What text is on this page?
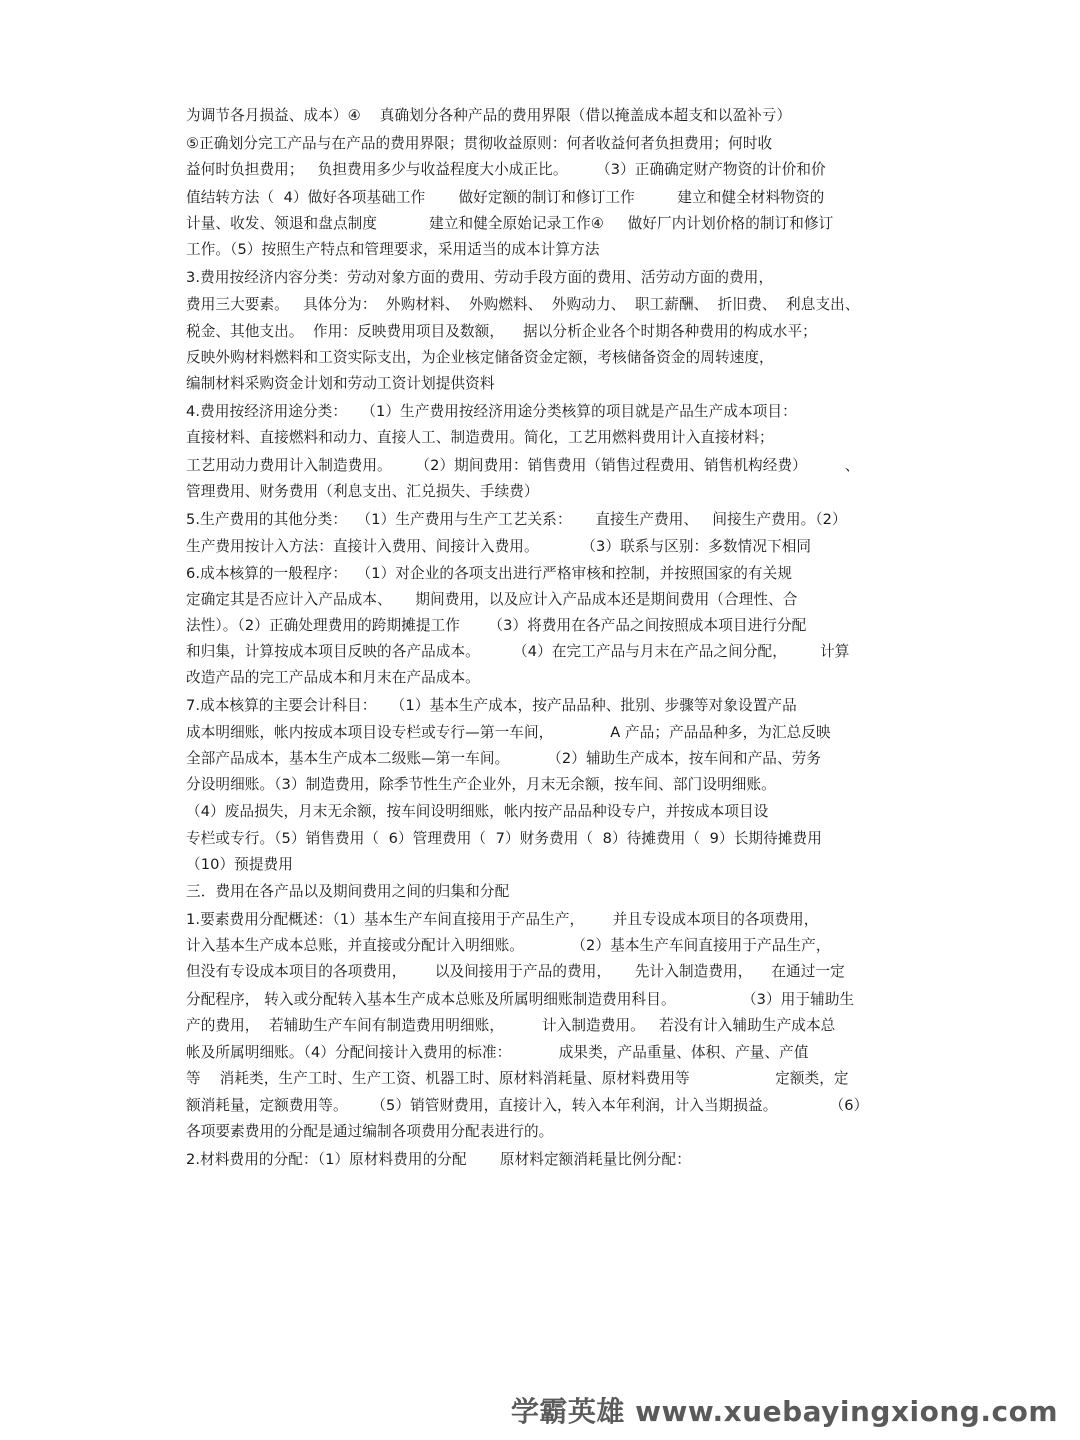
为调节各月损益、成本）④    真确划分各种产品的费用界限（借以掩盖成本超支和以盈补亏）
⑤正确划分完工产品与在产品的费用界限；贯彻收益原则：何者收益何者负担费用；何时收
益何时负担费用；   负担费用多少与收益程度大小成正比。      （3）正确确定财产物资的计价和价
值结转方法（  4）做好各项基础工作       做好定额的制订和修订工作         建立和健全材料物资的
计量、收发、领退和盘点制度           建立和健全原始记录工作④     做好厂内计划价格的制订和修订
工作。（5）按照生产特点和管理要求，采用适当的成本计算方法
3.费用按经济内容分类：劳动对象方面的费用、劳动手段方面的费用、活劳动方面的费用，
费用三大要素。   具体分为：  外购材料、  外购燃料、  外购动力、  职工薪酬、  折旧费、  利息支出、
税金、其他支出。  作用：反映费用项目及数额，    据以分析企业各个时期各种费用的构成水平；
反映外购材料燃料和工资实际支出，为企业核定储备资金定额，考核储备资金的周转速度，
编制材料采购资金计划和劳动工资计划提供资料
4.费用按经济用途分类：   （1）生产费用按经济用途分类核算的项目就是产品生产成本项目：
直接材料、直接燃料和动力、直接人工、制造费用。简化，工艺用燃料费用计入直接材料；
工艺用动力费用计入制造费用。     （2）期间费用：销售费用（销售过程费用、销售机构经费）        、
管理费用、财务费用（利息支出、汇兑损失、手续费）
5.生产费用的其他分类：  （1）生产费用与生产工艺关系：     直接生产费用、   间接生产费用。（2）
生产费用按计入方法：直接计入费用、间接计入费用。         （3）联系与区别：多数情况下相同
6.成本核算的一般程序：  （1）对企业的各项支出进行严格审核和控制，并按照国家的有关规
定确定其是否应计入产品成本、     期间费用，以及应计入产品成本还是期间费用（合理性、合
法性）。（2）正确处理费用的跨期摊提工作      （3）将费用在各产品之间按照成本项目进行分配
和归集，计算按成本项目反映的各产品成本。       （4）在完工产品与月末在产品之间分配，       计算
改造产品的完工产品成本和月末在产品成本。
7.成本核算的主要会计科目：   （1）基本生产成本，按产品品种、批别、步骤等对象设置产品
成本明细账，帐内按成本项目设专栏或专行—第一车间，            A 产品；产品品种多，为汇总反映
全部产品成本，基本生产成本二级账—第一车间。        （2）辅助生产成本，按车间和产品、劳务
分设明细账。（3）制造费用，除季节性生产企业外，月末无余额，按车间、部门设明细账。
（4）废品损失，月末无余额，按车间设明细账，帐内按产品品种设专户，并按成本项目设
专栏或专行。（5）销售费用（  6）管理费用（  7）财务费用（  8）待摊费用（  9）长期待摊费用
（10）预提费用
三．费用在各产品以及期间费用之间的归集和分配
1.要素费用分配概述：（1）基本生产车间直接用于产品生产，      并且专设成本项目的各项费用，
计入基本生产成本总账，并直接或分配计入明细账。          （2）基本生产车间直接用于产品生产，
但没有专设成本项目的各项费用，      以及间接用于产品的费用，     先计入制造费用，    在通过一定
分配程序， 转入或分配转入基本生产成本总账及所属明细账制造费用科目。              （3）用于辅助生
产的费用，  若辅助生产车间有制造费用明细账，        计入制造费用。   若没有计入辅助生产成本总
帐及所属明细账。（4）分配间接计入费用的标准：          成果类，产品重量、体积、产量、产值
等    消耗类，生产工时、生产工资、机器工时、原材料消耗量、原材料费用等                  定额类，定
额消耗量，定额费用等。     （5）销管财费用，直接计入，转入本年利润，计入当期损益。           （6）
各项要素费用的分配是通过编制各项费用分配表进行的。
2.材料费用的分配：（1）原材料费用的分配       原材料定额消耗量比例分配：
学霸英雄 www.xuebayingxiong.com
